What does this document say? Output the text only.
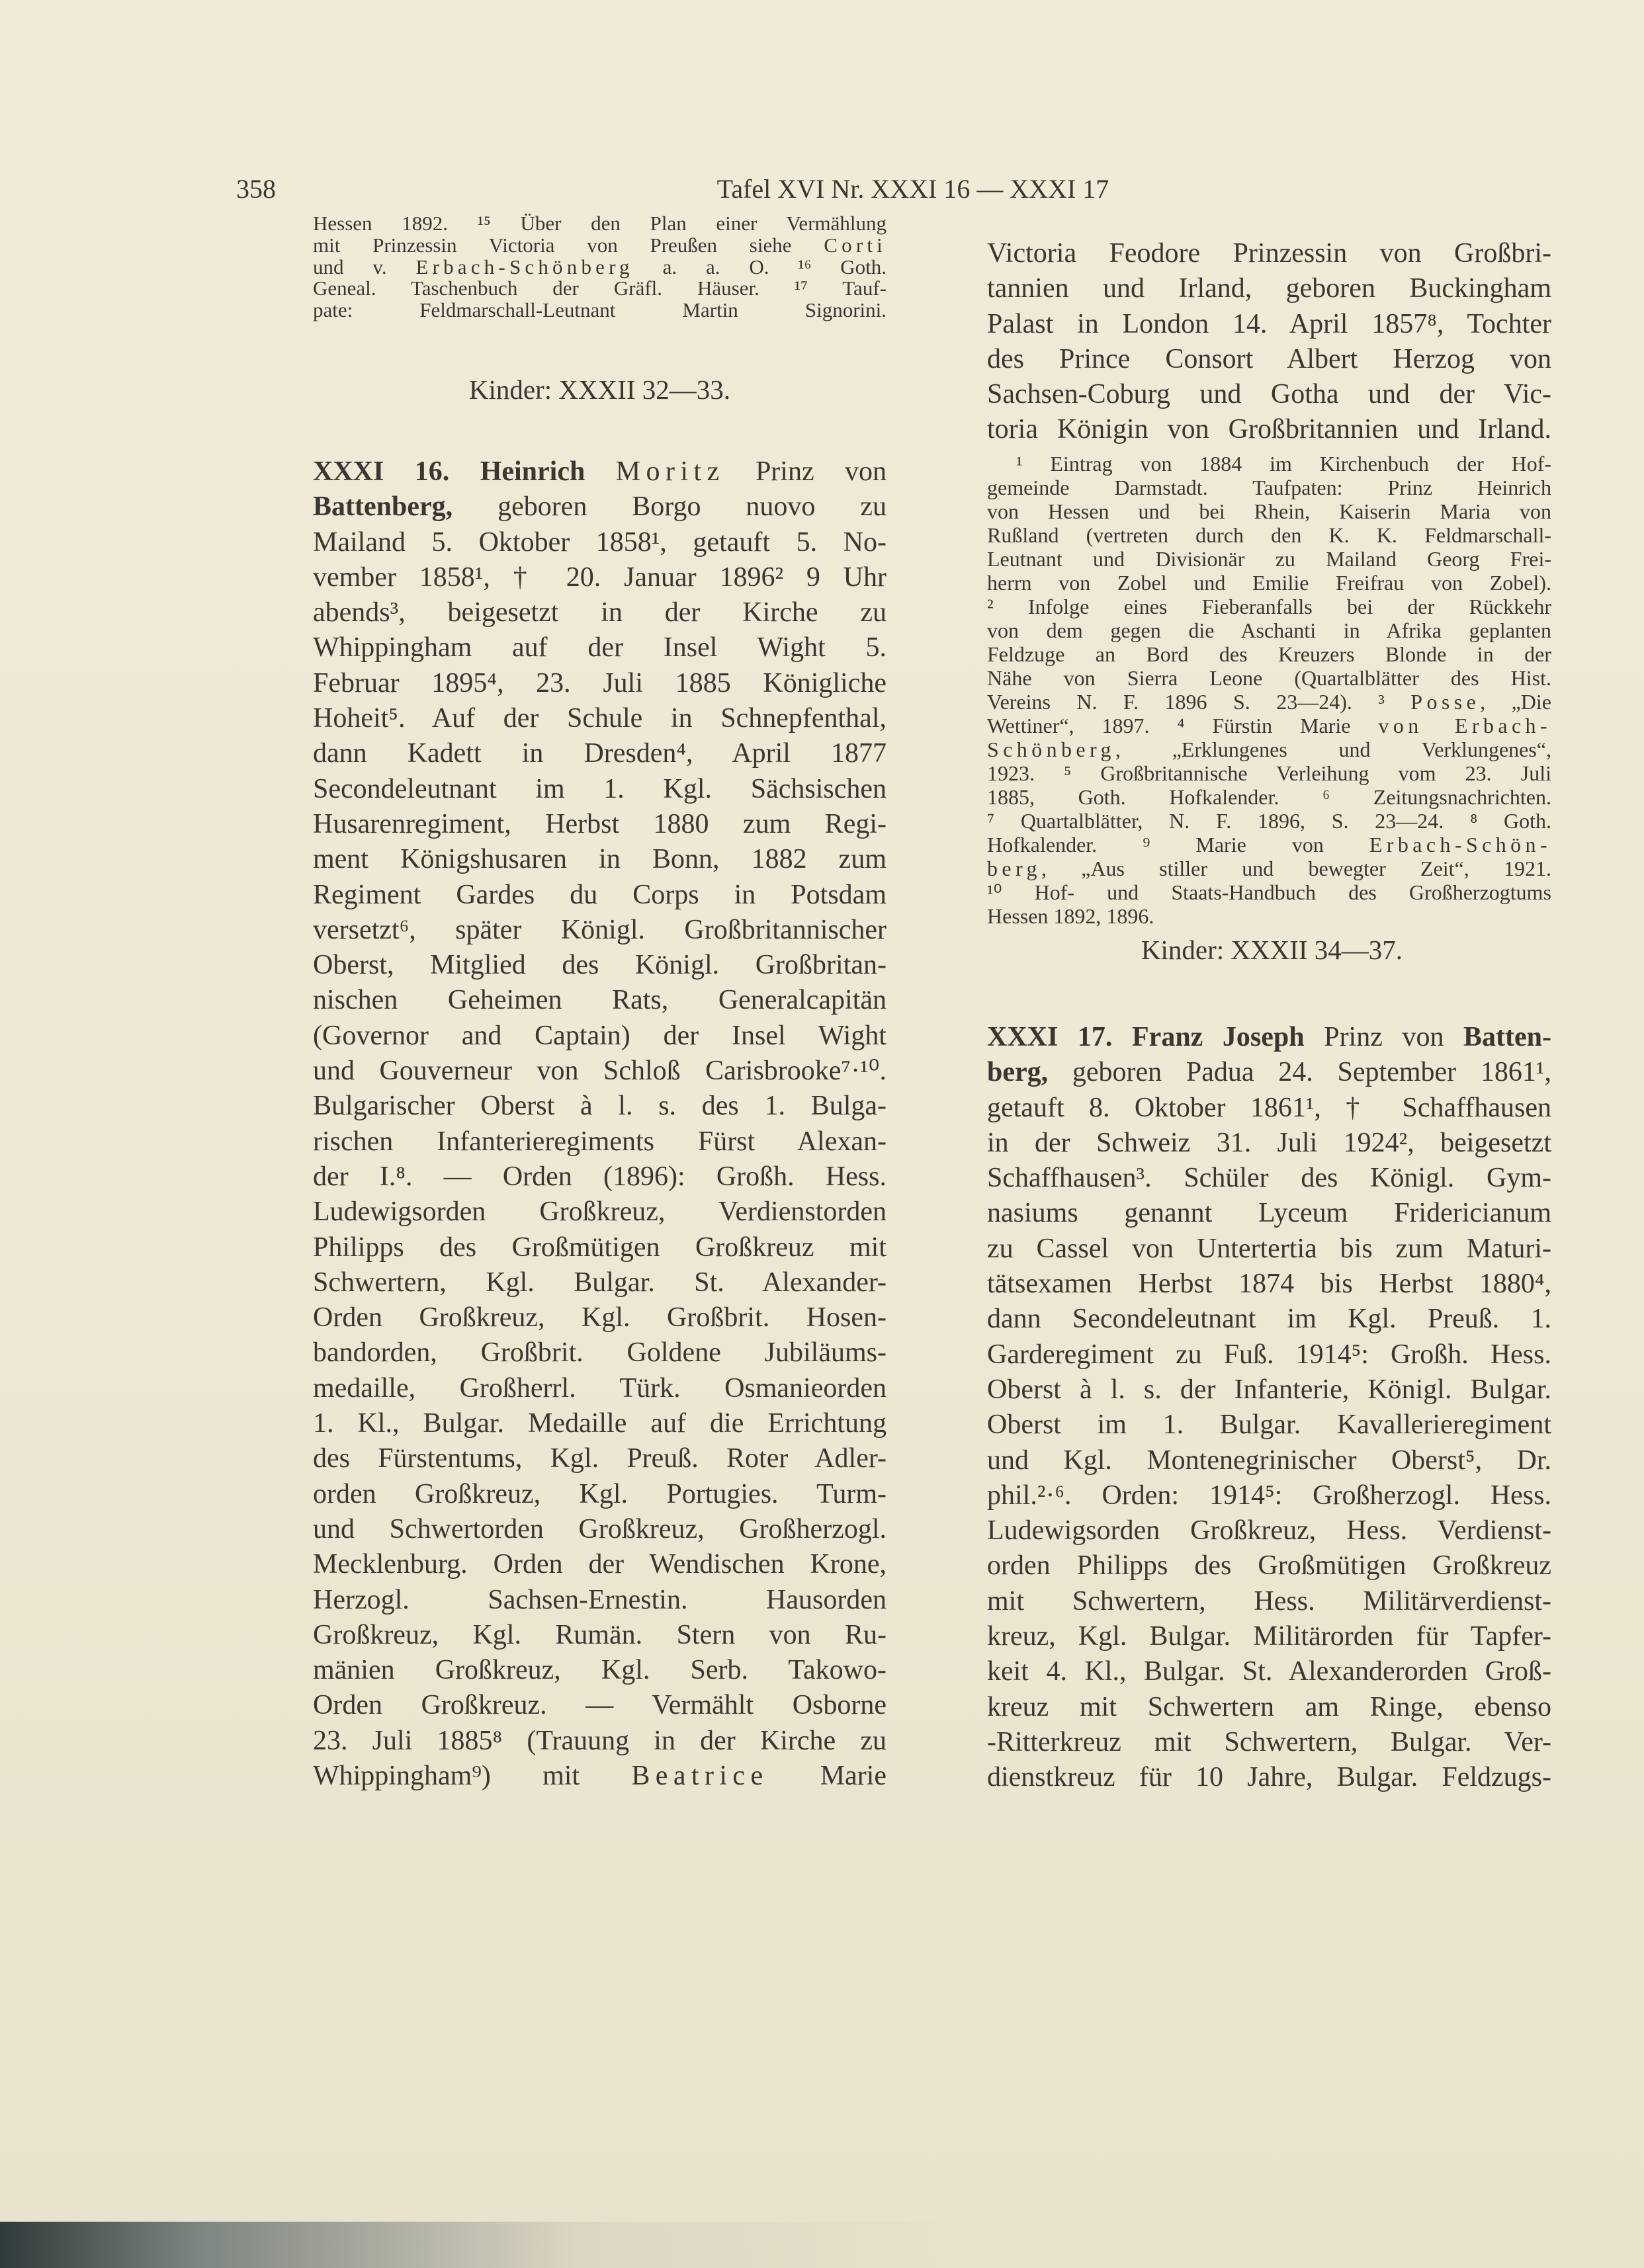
358	Tafel XVI Nr. XXXI 16 — XXXI 17
Hessen 1892. ¹⁵ Über den Plan einer Vermählung
mit Prinzessin Victoria von Preußen siehe Corti
und v. Erbach-Schönberg a. a. O. ¹⁶ Goth.
Geneal. Taschenbuch der Gräfl. Häuser. ¹⁷ Tauf-
pate: Feldmarschall-Leutnant Martin Signorini.
Kinder: XXXII 32—33.
XXXI 16. Heinrich Moritz Prinz von
Battenberg, geboren Borgo nuovo zu
Mailand 5. Oktober 1858¹, getauft 5. No-
vember 1858¹, † 20. Januar 1896² 9 Uhr
abends³, beigesetzt in der Kirche zu
Whippingham auf der Insel Wight 5.
Februar 1895⁴, 23. Juli 1885 Königliche
Hoheit⁵. Auf der Schule in Schnepfenthal,
dann Kadett in Dresden⁴, April 1877
Secondeleutnant im 1. Kgl. Sächsischen
Husarenregiment, Herbst 1880 zum Regi-
ment Königshusaren in Bonn, 1882 zum
Regiment Gardes du Corps in Potsdam
versetzt⁶, später Königl. Großbritannischer
Oberst, Mitglied des Königl. Großbritan-
nischen Geheimen Rats, Generalcapitän
(Governor and Captain) der Insel Wight
und Gouverneur von Schloß Carisbrooke⁷·¹⁰.
Bulgarischer Oberst à l. s. des 1. Bulga-
rischen Infanterieregiments Fürst Alexan-
der I.⁸. — Orden (1896): Großh. Hess.
Ludewigsorden Großkreuz, Verdienstorden
Philipps des Großmütigen Großkreuz mit
Schwertern, Kgl. Bulgar. St. Alexander-
Orden Großkreuz, Kgl. Großbrit. Hosen-
bandorden, Großbrit. Goldene Jubiläums-
medaille, Großherrl. Türk. Osmanieorden
1. Kl., Bulgar. Medaille auf die Errichtung
des Fürstentums, Kgl. Preuß. Roter Adler-
orden Großkreuz, Kgl. Portugies. Turm-
und Schwertorden Großkreuz, Großherzogl.
Mecklenburg. Orden der Wendischen Krone,
Herzogl. Sachsen-Ernestin. Hausorden
Großkreuz, Kgl. Rumän. Stern von Ru-
mänien Großkreuz, Kgl. Serb. Takowo-
Orden Großkreuz. — Vermählt Osborne
23. Juli 1885⁸ (Trauung in der Kirche zu
Whippingham⁹) mit Beatrice Marie
Victoria Feodore Prinzessin von Großbri-
tannien und Irland, geboren Buckingham
Palast in London 14. April 1857⁸, Tochter
des Prince Consort Albert Herzog von
Sachsen-Coburg und Gotha und der Vic-
toria Königin von Großbritannien und Irland.
¹ Eintrag von 1884 im Kirchenbuch der Hof-
gemeinde Darmstadt. Taufpaten: Prinz Heinrich
von Hessen und bei Rhein, Kaiserin Maria von
Rußland (vertreten durch den K. K. Feldmarschall-
Leutnant und Divisionär zu Mailand Georg Frei-
herrn von Zobel und Emilie Freifrau von Zobel).
² Infolge eines Fieberanfalls bei der Rückkehr
von dem gegen die Aschanti in Afrika geplanten
Feldzuge an Bord des Kreuzers Blonde in der
Nähe von Sierra Leone (Quartalblätter des Hist.
Vereins N. F. 1896 S. 23—24). ³ Posse, „Die
Wettiner“, 1897. ⁴ Fürstin Marie von Erbach-
Schönberg, „Erklungenes und Verklungenes“,
1923. ⁵ Großbritannische Verleihung vom 23. Juli
1885, Goth. Hofkalender. ⁶ Zeitungsnachrichten.
⁷ Quartalblätter, N. F. 1896, S. 23—24. ⁸ Goth.
Hofkalender. ⁹ Marie von Erbach-Schön-
berg, „Aus stiller und bewegter Zeit“, 1921.
¹⁰ Hof- und Staats-Handbuch des Großherzogtums
Hessen 1892, 1896.
Kinder: XXXII 34—37.
XXXI 17. Franz Joseph Prinz von Batten-
berg, geboren Padua 24. September 1861¹,
getauft 8. Oktober 1861¹, † Schaffhausen
in der Schweiz 31. Juli 1924², beigesetzt
Schaffhausen³. Schüler des Königl. Gym-
nasiums genannt Lyceum Fridericianum
zu Cassel von Untertertia bis zum Maturi-
tätsexamen Herbst 1874 bis Herbst 1880⁴,
dann Secondeleutnant im Kgl. Preuß. 1.
Garderegiment zu Fuß. 1914⁵: Großh. Hess.
Oberst à l. s. der Infanterie, Königl. Bulgar.
Oberst im 1. Bulgar. Kavallerieregiment
und Kgl. Montenegrinischer Oberst⁵, Dr.
phil.²·⁶. Orden: 1914⁵: Großherzogl. Hess.
Ludewigsorden Großkreuz, Hess. Verdienst-
orden Philipps des Großmütigen Großkreuz
mit Schwertern, Hess. Militärverdienst-
kreuz, Kgl. Bulgar. Militärorden für Tapfer-
keit 4. Kl., Bulgar. St. Alexanderorden Groß-
kreuz mit Schwertern am Ringe, ebenso
-Ritterkreuz mit Schwertern, Bulgar. Ver-
dienstkreuz für 10 Jahre, Bulgar. Feldzugs-
